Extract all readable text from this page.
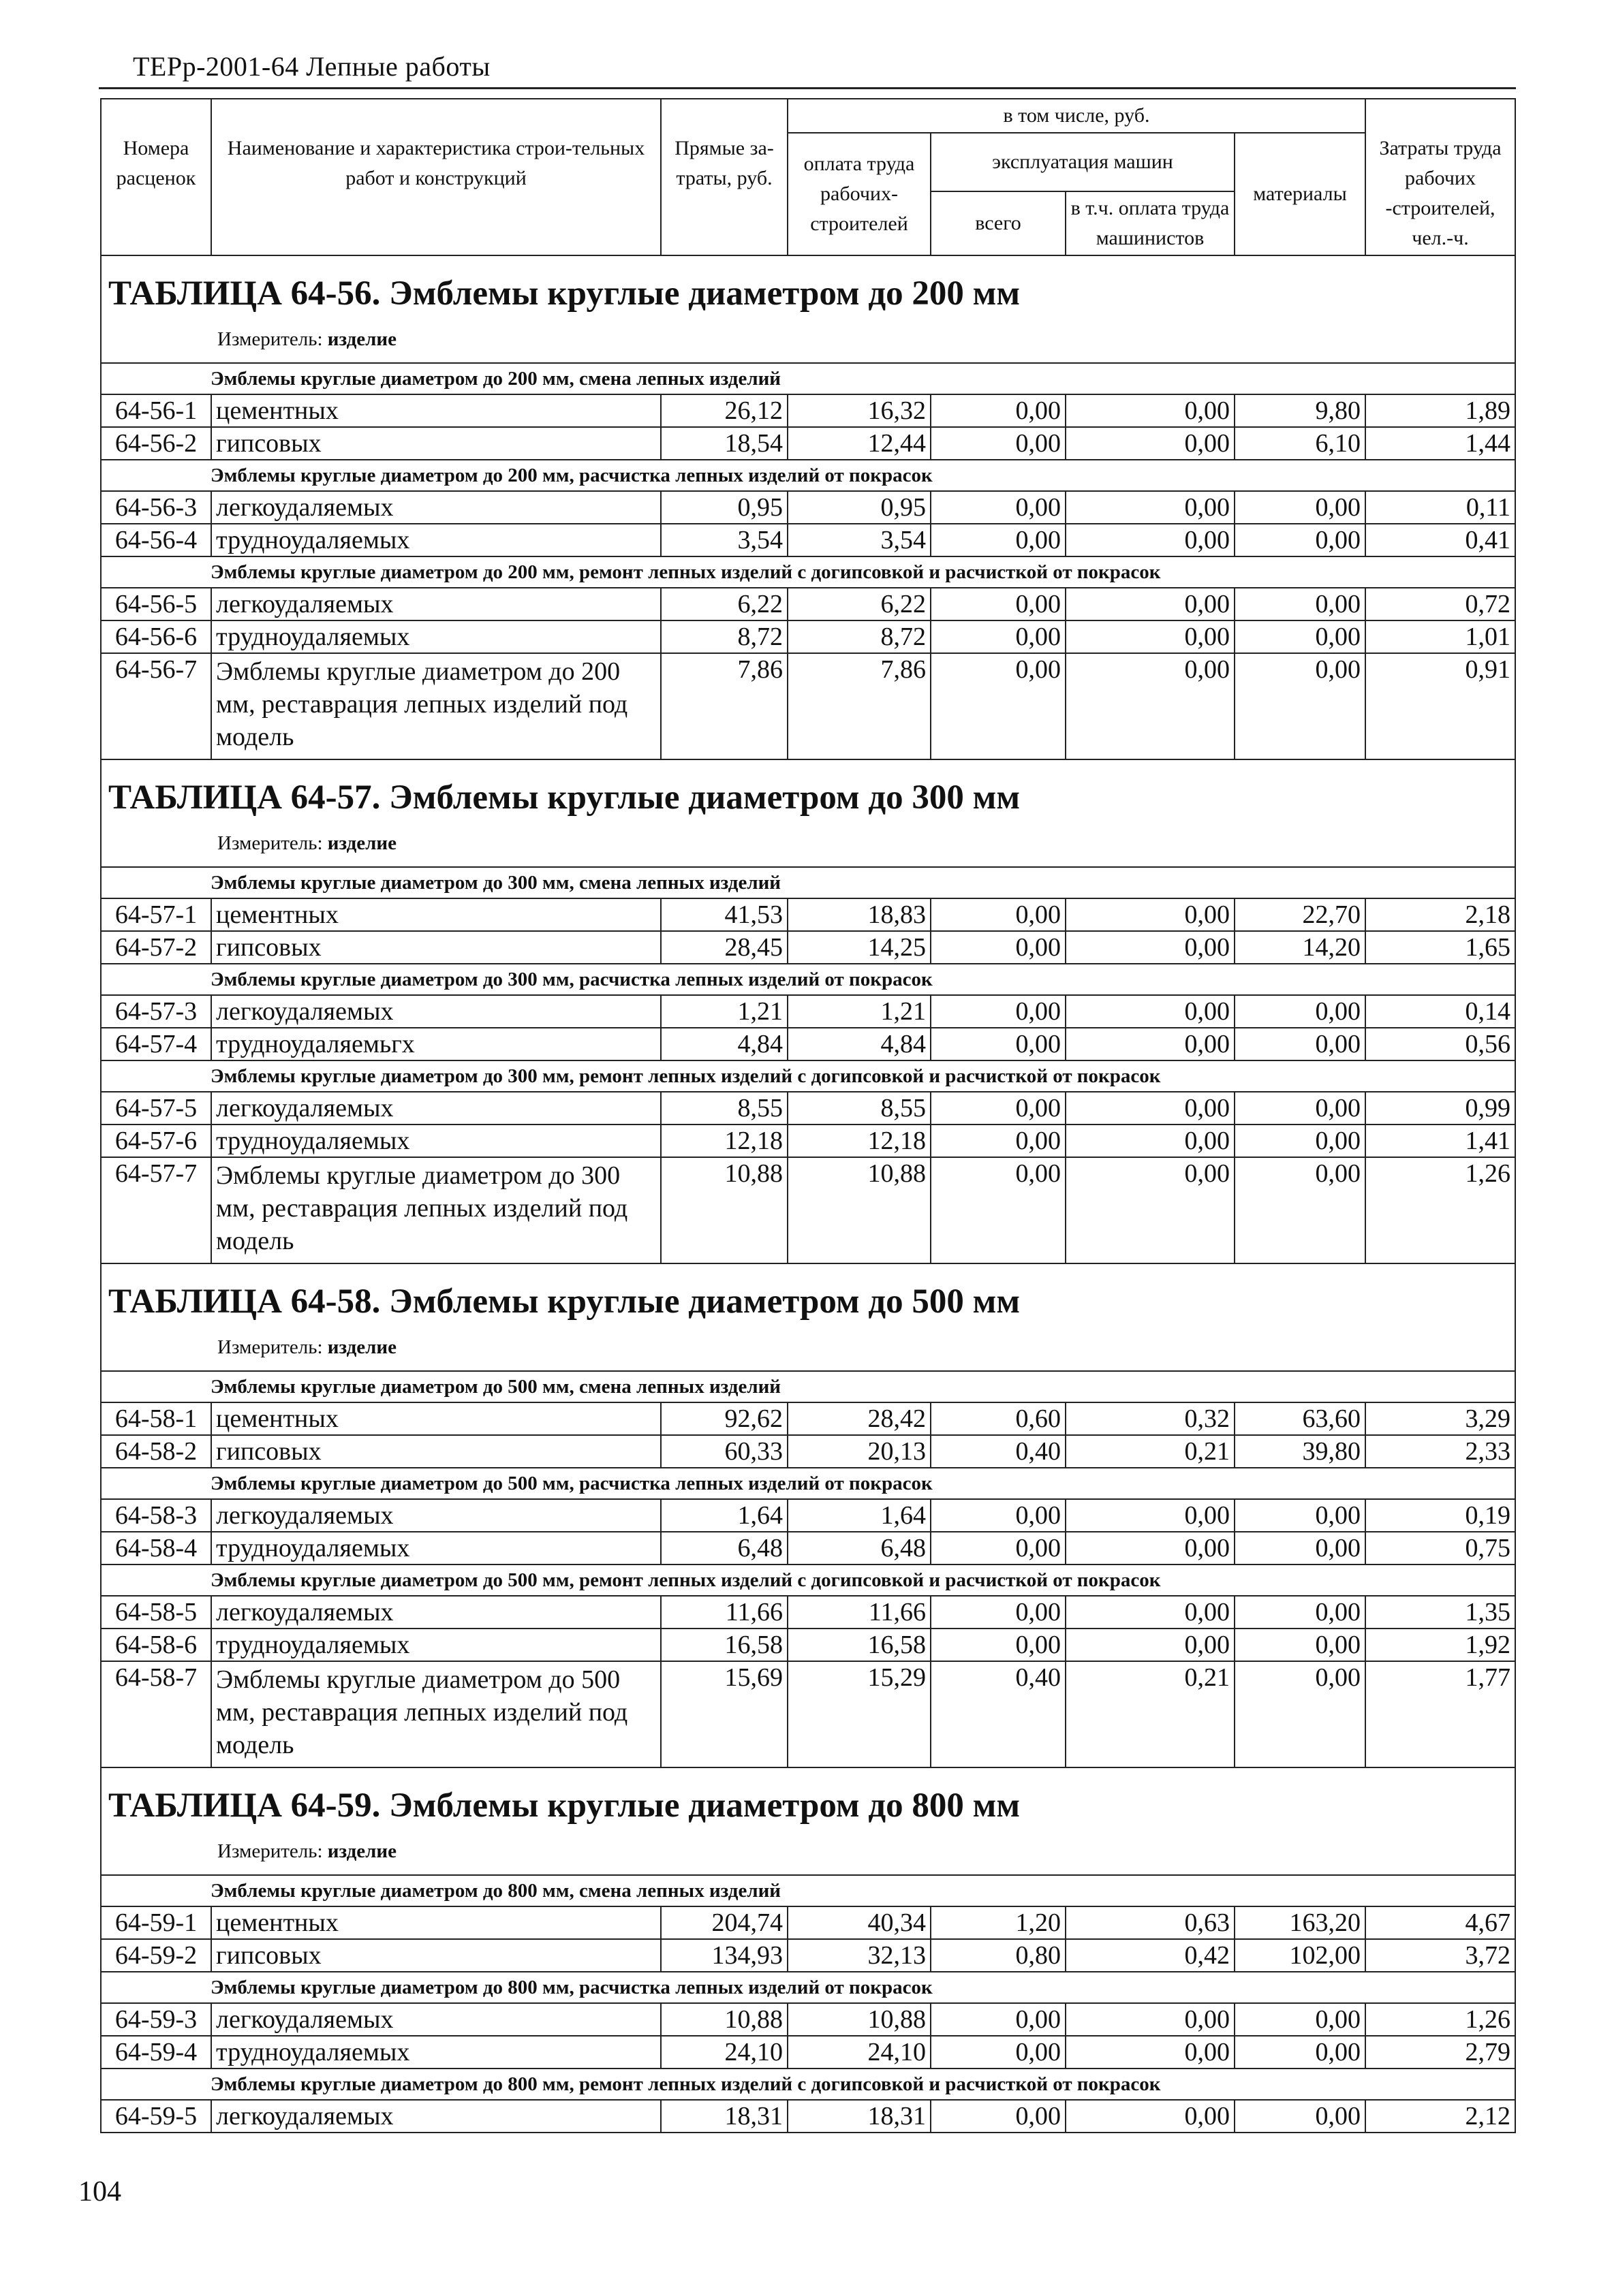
ТЕРр-2001-64 Лепные работы
Номера расценок	Наименование и характеристика строи-тельных работ и конструкций	Прямые за-траты, руб.	в том числе, руб.				Затраты труда рабочих -строителей, чел.-ч.
			оплата труда рабочих-строителей	эксплуатация машин		материалы	
				всего	в т.ч. оплата труда машинистов		

ТАБЛИЦА 64-56. Эмблемы круглые диаметром до 200 мм
Измеритель: изделие							

Эмблемы круглые диаметром до 200 мм, смена лепных изделий							
64-56-1	цементных	26,12	16,32	0,00	0,00	9,80	1,89
64-56-2	гипсовых	18,54	12,44	0,00	0,00	6,10	1,44
Эмблемы круглые диаметром до 200 мм, расчистка лепных изделий от покрасок							
64-56-3	легкоудаляемых	0,95	0,95	0,00	0,00	0,00	0,11
64-56-4	трудноудаляемых	3,54	3,54	0,00	0,00	0,00	0,41
Эмблемы круглые диаметром до 200 мм, ремонт лепных изделий с догипсовкой и расчисткой от покрасок							
64-56-5	легкоудаляемых	6,22	6,22	0,00	0,00	0,00	0,72
64-56-6	трудноудаляемых	8,72	8,72	0,00	0,00	0,00	1,01
64-56-7	Эмблемы круглые диаметром до 200 мм, реставрация лепных изделий под модель	7,86	7,86	0,00	0,00	0,00	0,91

ТАБЛИЦА 64-57. Эмблемы круглые диаметром до 300 мм
Измеритель: изделие							

Эмблемы круглые диаметром до 300 мм, смена лепных изделий							
64-57-1	цементных	41,53	18,83	0,00	0,00	22,70	2,18
64-57-2	гипсовых	28,45	14,25	0,00	0,00	14,20	1,65
Эмблемы круглые диаметром до 300 мм, расчистка лепных изделий от покрасок							
64-57-3	легкоудаляемых	1,21	1,21	0,00	0,00	0,00	0,14
64-57-4	трудноудаляемьгх	4,84	4,84	0,00	0,00	0,00	0,56
Эмблемы круглые диаметром до 300 мм, ремонт лепных изделий с догипсовкой и расчисткой от покрасок							
64-57-5	легкоудаляемых	8,55	8,55	0,00	0,00	0,00	0,99
64-57-6	трудноудаляемых	12,18	12,18	0,00	0,00	0,00	1,41
64-57-7	Эмблемы круглые диаметром до 300 мм, реставрация лепных изделий под модель	10,88	10,88	0,00	0,00	0,00	1,26

ТАБЛИЦА 64-58. Эмблемы круглые диаметром до 500 мм
Измеритель: изделие							

Эмблемы круглые диаметром до 500 мм, смена лепных изделий							
64-58-1	цементных	92,62	28,42	0,60	0,32	63,60	3,29
64-58-2	гипсовых	60,33	20,13	0,40	0,21	39,80	2,33
Эмблемы круглые диаметром до 500 мм, расчистка лепных изделий от покрасок							
64-58-3	легкоудаляемых	1,64	1,64	0,00	0,00	0,00	0,19
64-58-4	трудноудаляемых	6,48	6,48	0,00	0,00	0,00	0,75
Эмблемы круглые диаметром до 500 мм, ремонт лепных изделий с догипсовкой и расчисткой от покрасок							
64-58-5	легкоудаляемых	11,66	11,66	0,00	0,00	0,00	1,35
64-58-6	трудноудаляемых	16,58	16,58	0,00	0,00	0,00	1,92
64-58-7	Эмблемы круглые диаметром до 500 мм, реставрация лепных изделий под модель	15,69	15,29	0,40	0,21	0,00	1,77

ТАБЛИЦА 64-59. Эмблемы круглые диаметром до 800 мм
Измеритель: изделие							

Эмблемы круглые диаметром до 800 мм, смена лепных изделий							
64-59-1	цементных	204,74	40,34	1,20	0,63	163,20	4,67
64-59-2	гипсовых	134,93	32,13	0,80	0,42	102,00	3,72
Эмблемы круглые диаметром до 800 мм, расчистка лепных изделий от покрасок							
64-59-3	легкоудаляемых	10,88	10,88	0,00	0,00	0,00	1,26
64-59-4	трудноудаляемых	24,10	24,10	0,00	0,00	0,00	2,79
Эмблемы круглые диаметром до 800 мм, ремонт лепных изделий с догипсовкой и расчисткой от покрасок							
64-59-5	легкоудаляемых	18,31	18,31	0,00	0,00	0,00	2,12
104
